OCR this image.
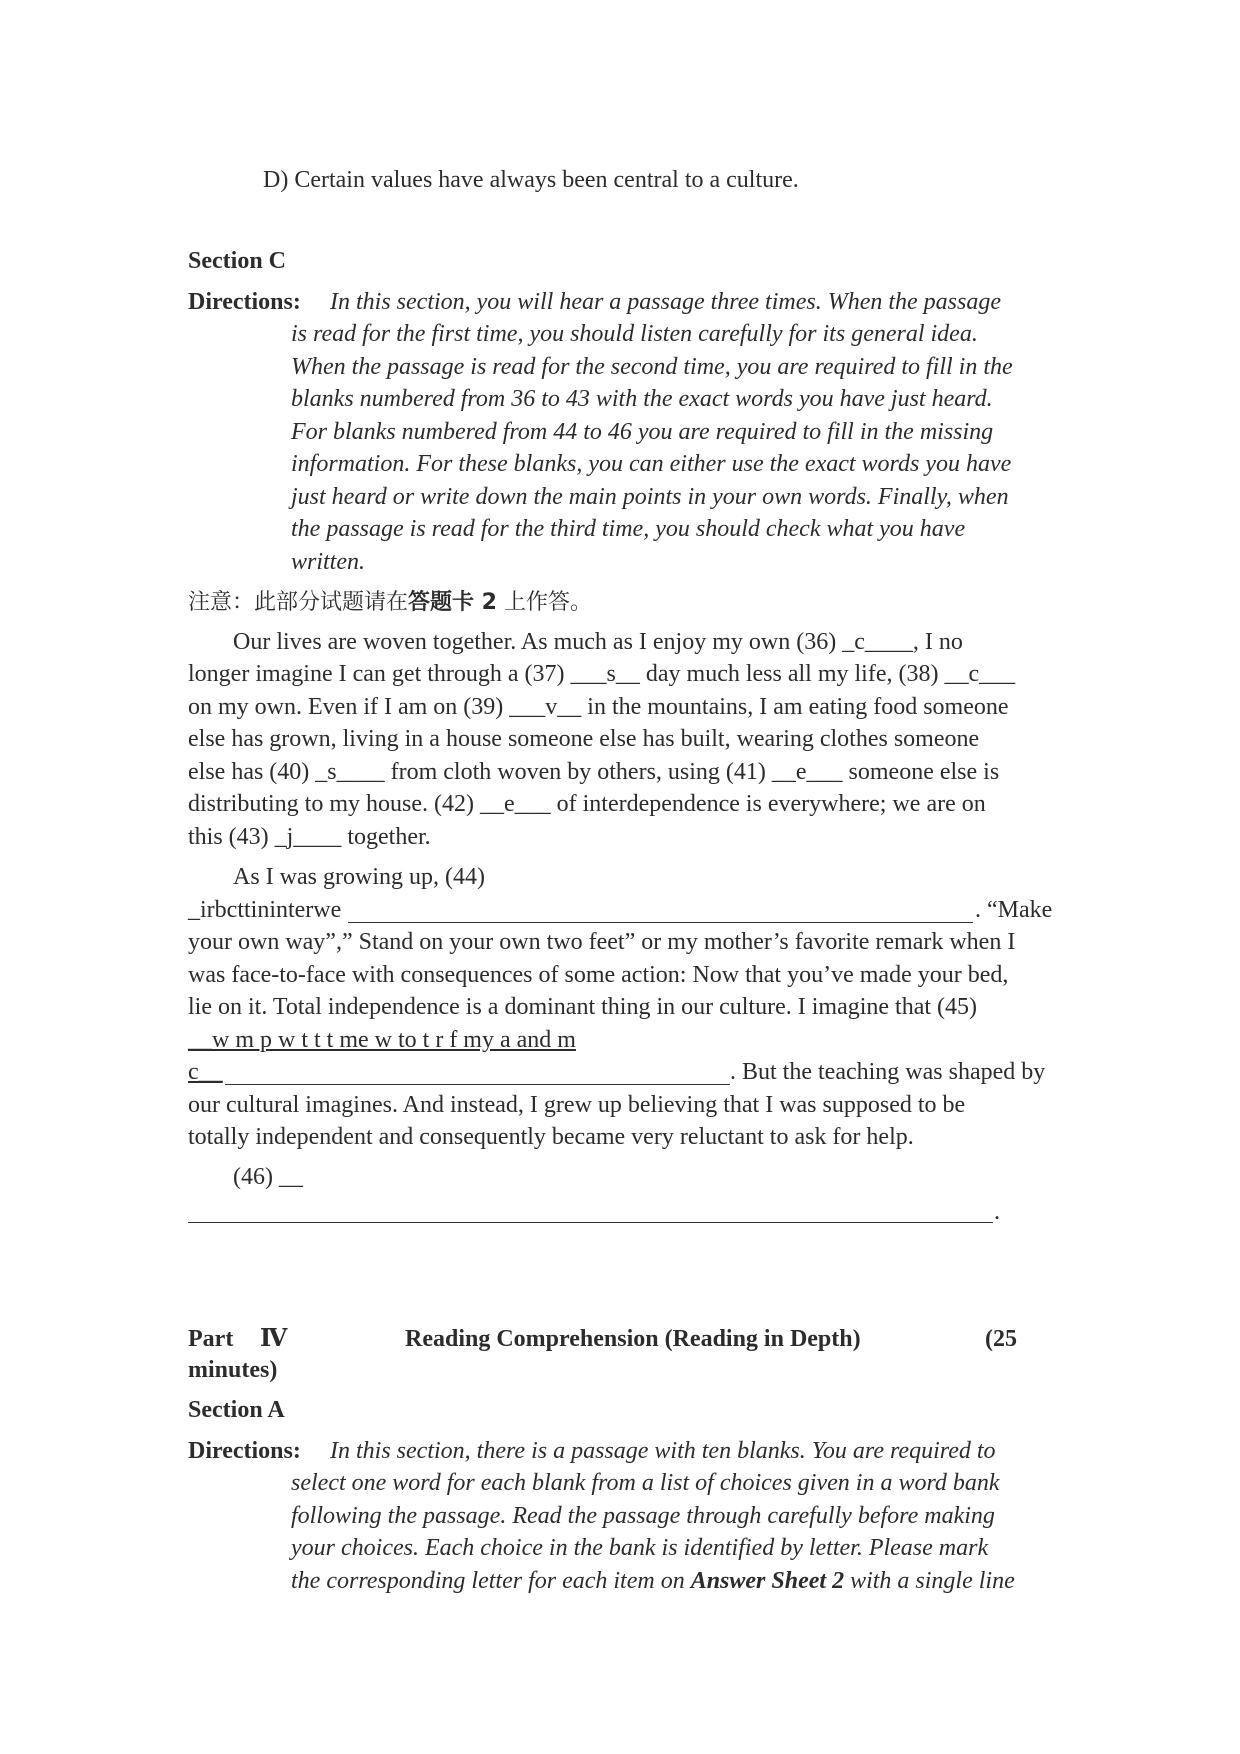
D) Certain values have always been central to a culture.
Section C
Directions: In this section, you will hear a passage three times. When the passage
is read for the first time, you should listen carefully for its general idea.
When the passage is read for the second time, you are required to fill in the
blanks numbered from 36 to 43 with the exact words you have just heard.
For blanks numbered from 44 to 46 you are required to fill in the missing
information. For these blanks, you can either use the exact words you have
just heard or write down the main points in your own words. Finally, when
the passage is read for the third time, you should check what you have
written.
注意：此部分试题请在答题卡 2 上作答。
Our lives are woven together. As much as I enjoy my own (36) _c____, I no
longer imagine I can get through a (37) ___s__ day much less all my life, (38) __c___
on my own. Even if I am on (39) ___v__ in the mountains, I am eating food someone
else has grown, living in a house someone else has built, wearing clothes someone
else has (40) _s____ from cloth woven by others, using (41) __e___ someone else is
distributing to my house. (42) __e___ of interdependence is everywhere; we are on
this (43) _j____ together.
As I was growing up, (44)
_irbcttininterwe	. “Make
your own way”,” Stand on your own two feet” or my mother’s favorite remark when I
was face-to-face with consequences of some action: Now that you’ve made your bed,
lie on it. Total independence is a dominant thing in our culture. I imagine that (45)
__w m p w t t t me w to t r f my a and m
c__	. But the teaching was shaped by
our cultural imagines. And instead, I grew up believing that I was supposed to be
totally independent and consequently became very reluctant to ask for help.
(46) __
.
Part Ⅳ	Reading Comprehension (Reading in Depth)	(25
minutes)
Section A
Directions: In this section, there is a passage with ten blanks. You are required to
select one word for each blank from a list of choices given in a word bank
following the passage. Read the passage through carefully before making
your choices. Each choice in the bank is identified by letter. Please mark
the corresponding letter for each item on Answer Sheet 2 with a single line
